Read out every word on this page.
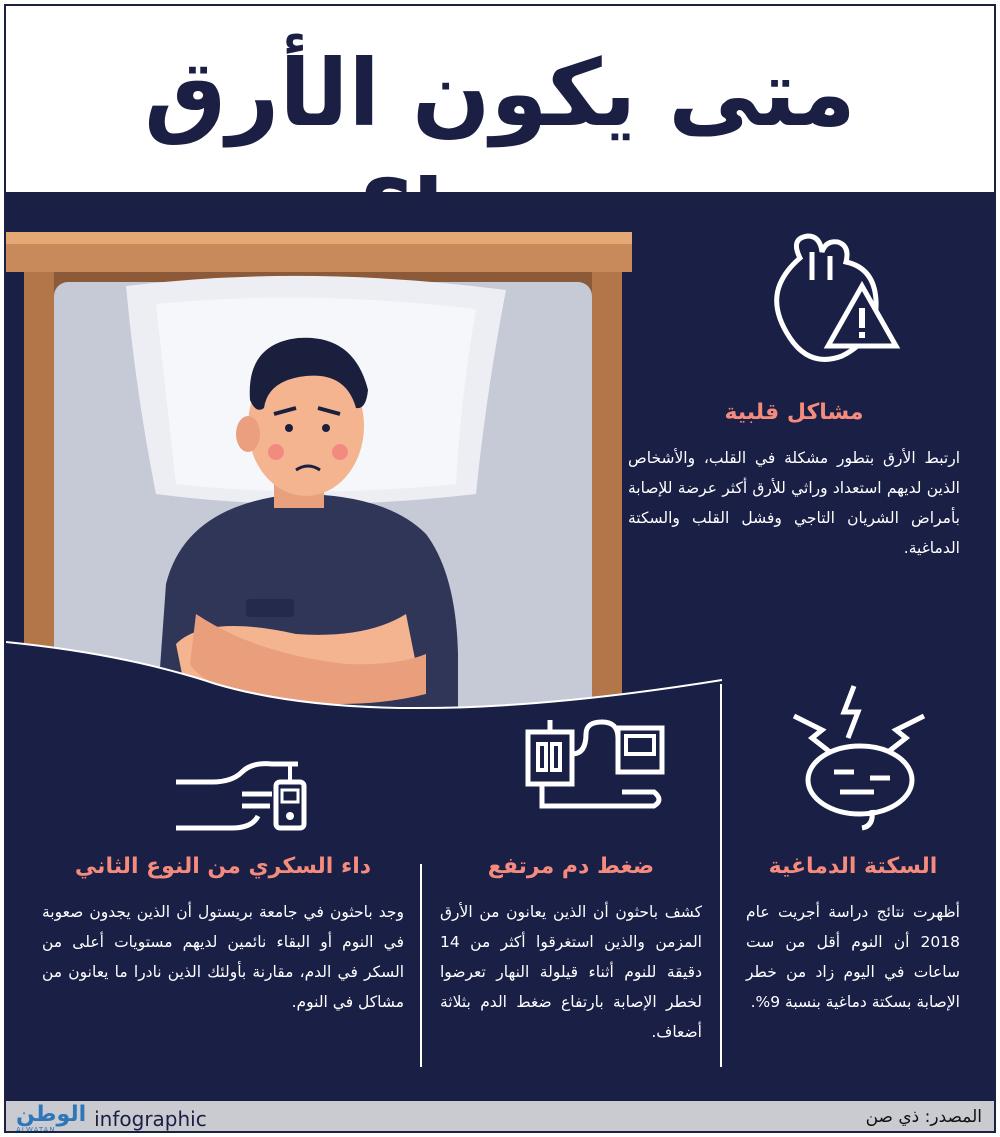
متى يكون الأرق
مشاكل قلبية

ارتبط الأرق بتطور مشكلة في القلب، والأشخاص الذين لديهم استعداد وراثي للأرق أكثر عرضة للإصابة بأمراض الشريان التاجي وفشل القلب والسكتة الدماغية.

السكتة الدماغية

أظهرت نتائج دراسة أجريت عام 2018 أن النوم أقل من ست ساعات في اليوم زاد من خطر الإصابة بسكتة دماغية بنسبة 9%.

ضغط دم مرتفع

كشف باحثون أن الذين يعانون من الأرق المزمن والذين استغرقوا أكثر من 14 دقيقة للنوم أثناء قيلولة النهار تعرضوا لخطر الإصابة بارتفاع ضغط الدم بثلاثة أضعاف.

داء السكري من النوع الثاني

وجد باحثون في جامعة بريستول أن الذين يجدون صعوبة في النوم أو البقاء نائمين لديهم مستويات أعلى من السكر في الدم، مقارنة بأولئك الذين نادرا ما يعانون من مشاكل في النوم.

الوطن
ALWATAN	infographic	المصدر: ذي صن
